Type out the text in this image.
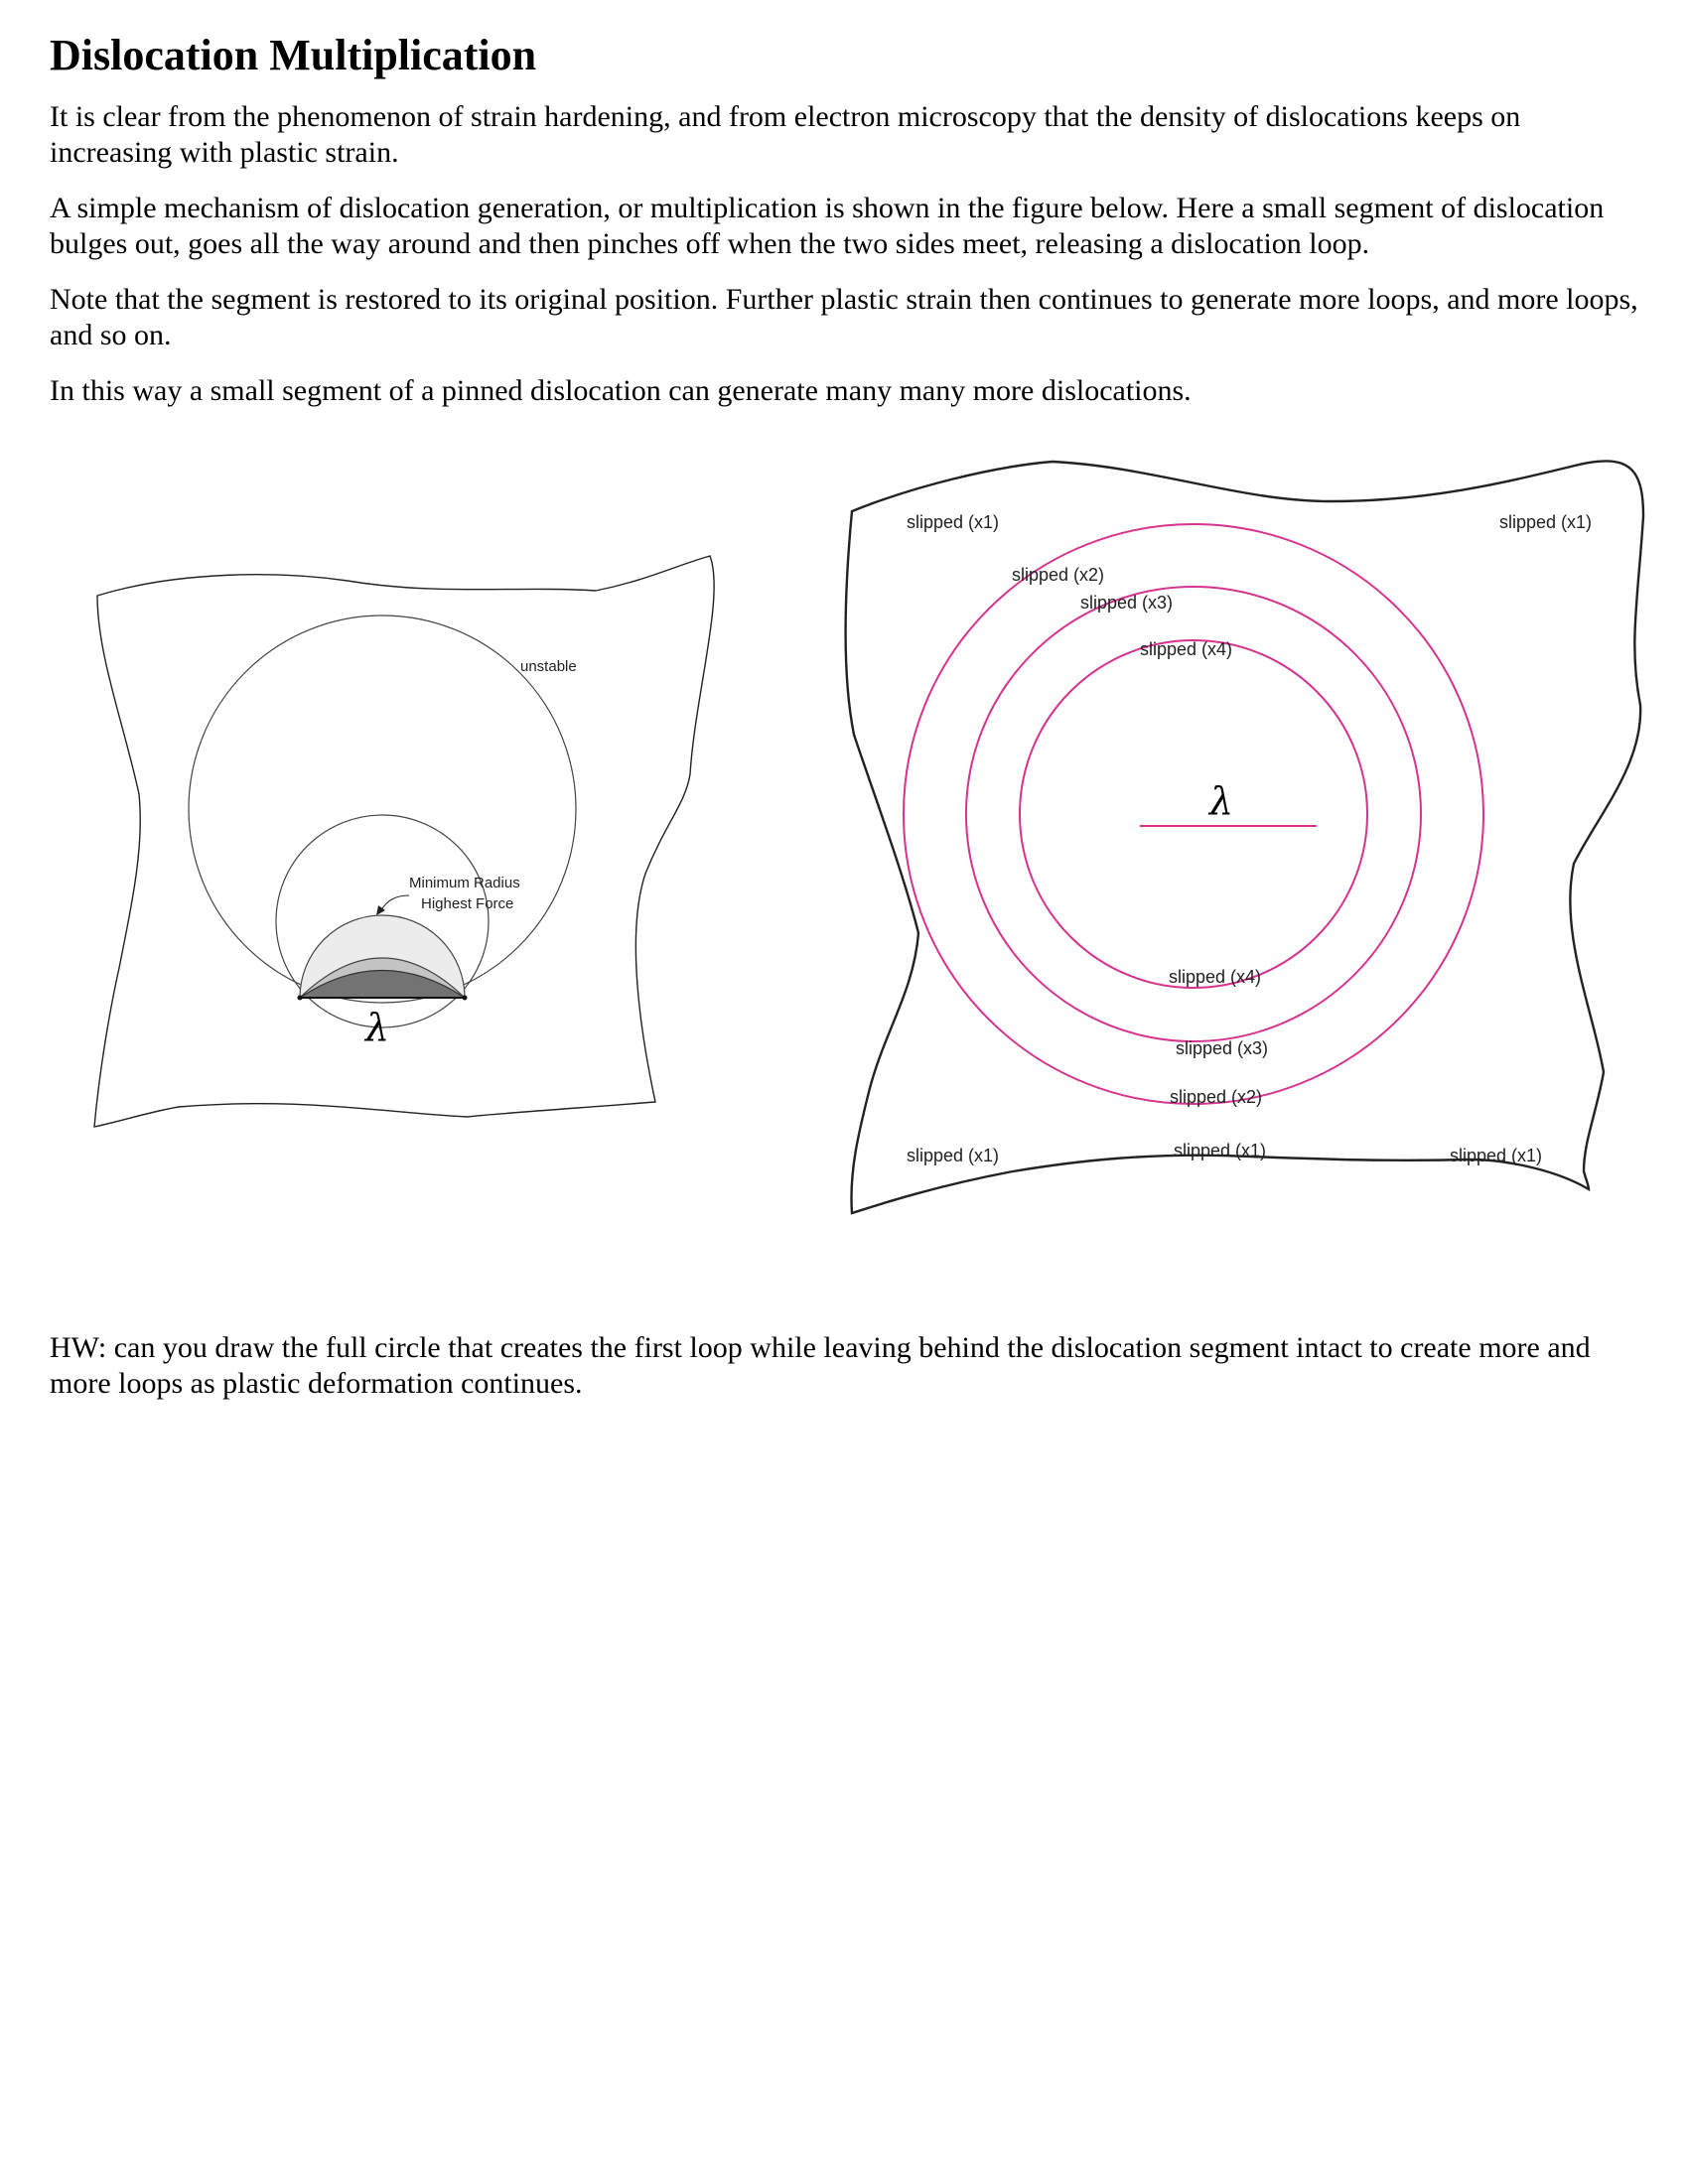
Dislocation Multiplication

It is clear from the phenomenon of strain hardening, and from electron microscopy that the density of dislocations keeps on increasing with plastic strain.

A simple mechanism of dislocation generation, or multiplication is shown in the figure below. Here a small segment of dislocation bulges out, goes all the way around and then pinches off when the two sides meet, releasing a dislocation loop.

Note that the segment is restored to its original position. Further plastic strain then continues to generate more loops, and more loops, and so on.

In this way a small segment of a pinned dislocation can generate many many more dislocations.

unstable
Minimum Radius
Highest Force
λ
λ
slipped (x1)	slipped (x1)
slipped (x2)
slipped (x3)
slipped (x4)
slipped (x4)
slipped (x3)
slipped (x2)
slipped (x1)
slipped (x1)	slipped (x1)

HW: can you draw the full circle that creates the first loop while leaving behind the dislocation segment intact to create more and more loops as plastic deformation continues.
